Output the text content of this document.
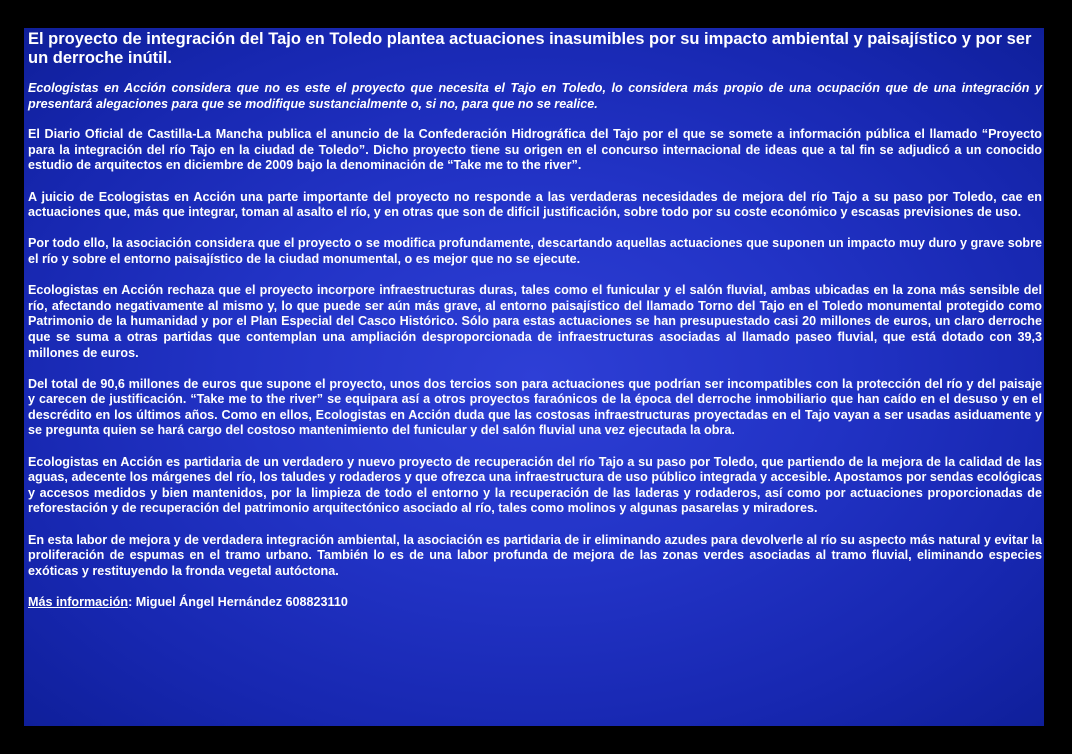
El proyecto de integración del Tajo en Toledo plantea actuaciones inasumibles por su impacto ambiental y paisajístico y por ser un derroche inútil.
Ecologistas en Acción considera que no es este el proyecto que necesita el Tajo en Toledo, lo considera más propio de una ocupación que de una integración y presentará alegaciones para que se modifique sustancialmente o, si no, para que no se realice.
El Diario Oficial de Castilla-La Mancha publica el anuncio de la Confederación Hidrográfica del Tajo por el que se somete a información pública el llamado “Proyecto para la integración del río Tajo en la ciudad de Toledo”. Dicho proyecto tiene su origen en el concurso internacional de ideas que a tal fin se adjudicó a un conocido estudio de arquitectos en diciembre de 2009 bajo la denominación de “Take me to the river”.
A juicio de Ecologistas en Acción una parte importante del proyecto no responde a las verdaderas necesidades de mejora del río Tajo a su paso por Toledo, cae en actuaciones que, más que integrar, toman al asalto el río, y en otras que son de difícil justificación, sobre todo por su coste económico y escasas previsiones de uso.
Por todo ello, la asociación considera que el proyecto o se modifica profundamente, descartando aquellas actuaciones que suponen un impacto muy duro y grave sobre el río y sobre el entorno paisajístico de la ciudad monumental, o es mejor que no se ejecute.
Ecologistas en Acción rechaza que el proyecto incorpore infraestructuras duras, tales como el funicular y el salón fluvial, ambas ubicadas en la zona más sensible del río, afectando negativamente al mismo y, lo que puede ser aún más grave, al entorno paisajístico del llamado Torno del Tajo en el Toledo monumental protegido como Patrimonio de la humanidad y por el Plan Especial del Casco Histórico. Sólo para estas actuaciones se han presupuestado casi 20 millones de euros, un claro derroche que se suma a otras partidas que contemplan una ampliación desproporcionada de infraestructuras asociadas al llamado paseo fluvial, que está dotado con 39,3 millones de euros.
Del total de 90,6 millones de euros que supone el proyecto, unos dos tercios son para actuaciones que podrían ser incompatibles con la protección del río y del paisaje y carecen de justificación. “Take me to the river” se equipara así a otros proyectos faraónicos de la época del derroche inmobiliario que han caído en el desuso y en el descrédito en los últimos años. Como en ellos, Ecologistas en Acción duda que las costosas infraestructuras proyectadas en el Tajo vayan a ser usadas asiduamente y se pregunta quien se hará cargo del costoso mantenimiento del funicular y del salón fluvial una vez ejecutada la obra.
Ecologistas en Acción es partidaria de un verdadero y nuevo proyecto de recuperación del río Tajo a su paso por Toledo, que partiendo de la mejora de la calidad de las aguas, adecente los márgenes del río, los taludes y rodaderos y que ofrezca una infraestructura de uso público integrada y accesible. Apostamos por sendas ecológicas y accesos medidos y bien mantenidos, por la limpieza de todo el entorno y la recuperación de las laderas y rodaderos, así como por actuaciones proporcionadas de reforestación y de recuperación del patrimonio arquitectónico asociado al río, tales como molinos y algunas pasarelas y miradores.
En esta labor de mejora y de verdadera integración ambiental, la asociación es partidaria de ir eliminando azudes para devolverle al río su aspecto más natural y evitar la proliferación de espumas en el tramo urbano. También lo es de una labor profunda de mejora de las zonas verdes asociadas al tramo fluvial, eliminando especies exóticas y restituyendo la fronda vegetal autóctona.
Más información: Miguel Ángel Hernández 608823110
